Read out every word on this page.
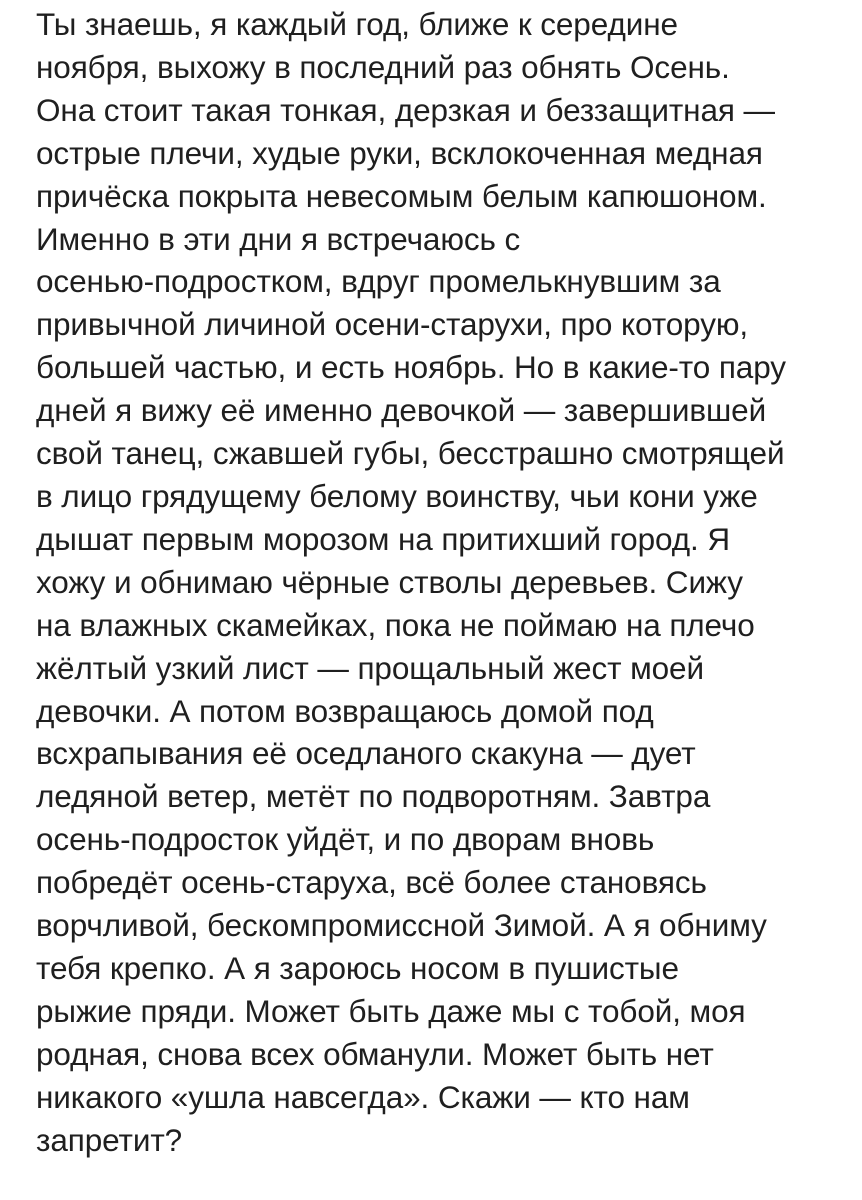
Ты знаешь, я каждый год, ближе к середине
ноября, выхожу в последний раз обнять Осень.
Она стоит такая тонкая, дерзкая и беззащитная —
острые плечи, худые руки, всклокоченная медная
причёска покрыта невесомым белым капюшоном.
Именно в эти дни я встречаюсь с
осенью-подростком, вдруг промелькнувшим за
привычной личиной осени-старухи, про которую,
большей частью, и есть ноябрь. Но в какие-то пару
дней я вижу её именно девочкой — завершившей
свой танец, сжавшей губы, бесстрашно смотрящей
в лицо грядущему белому воинству, чьи кони уже
дышат первым морозом на притихший город. Я
хожу и обнимаю чёрные стволы деревьев. Сижу
на влажных скамейках, пока не поймаю на плечо
жёлтый узкий лист — прощальный жест моей
девочки. А потом возвращаюсь домой под
всхрапывания её оседланого скакуна — дует
ледяной ветер, метёт по подворотням. Завтра
осень-подросток уйдёт, и по дворам вновь
побредёт осень-старуха, всё более становясь
ворчливой, бескомпромиссной Зимой. А я обниму
тебя крепко. А я зароюсь носом в пушистые
рыжие пряди. Может быть даже мы с тобой, моя
родная, снова всех обманули. Может быть нет
никакого «ушла навсегда». Скажи — кто нам
запретит?
